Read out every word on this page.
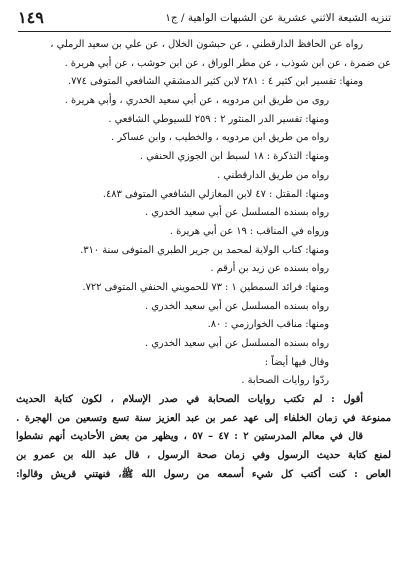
تنزيه الشيعة الاثني عشرية عن الشبهات الواهية / ج١
١٤٩
رواه عن الحافظ الدارقطني ، عن حبشون الخلال ، عن علي بن سعيد الرملي ،
عن ضمرة ، عن ابن شوذب ، عن مطر الوراق ، عن ابن حوشب ، عن أبي هريرة .
ومنها: تفسير ابن كثير ٤ : ٢٨١ لابن كثير الدمشقي الشافعي المتوفى ٧٧٤.
روى من طريق ابن مردويه ، عن أبي سعيد الخدري ، وأبي هريرة .
ومنها: تفسير الدر المنثور ٢ : ٢٥٩ للسيوطي الشافعي .
رواه من طريق ابن مردويه ، والخطيب ، وابن عساكر .
ومنها: التذكرة : ١٨ لسبط ابن الجوزي الحنفي .
رواه من طريق الدارقطني .
ومنها: المقتل : ٤٧ لابن المغازلي الشافعي المتوفى ٤٨٣.
رواه بسنده المسلسل عن أبي سعيد الخدري .
ورواه في المناقب : ١٩ عن أبي هريرة .
ومنها: كتاب الولاية لمحمد بن جرير الطبري المتوفى سنة ٣١٠.
رواه بسنده عن زيد بن أرقم .
ومنها: فرائد السمطين ١ : ٧٣ للحمويني الحنفي المتوفى ٧٢٢.
رواه بسنده المسلسل عن أبي سعيد الخدري .
ومنها: مناقب الخوارزمي : ٨٠.
رواه بسنده المسلسل عن أبي سعيد الخدري .
وقال فيها أيضاً :
ردّوا روايات الصحابة .
أقول : لم تكتب روايات الصحابة في صدر الإسلام ، لكون كتابة الحديث
ممنوعة في زمان الخلفاء إلى عهد عمر بن عبد العزيز سنة تسع وتسعين من الهجرة .
قال في معالم المدرستين ٢ : ٤٧ – ٥٧ ، ويظهر من بعض الأحاديث أنهم نشطوا
لمنع كتابة حديث الرسول وفي زمان صحة الرسول ، قال عبد الله بن عمرو بن
العاص : كنت أكتب كل شيء أسمعه من رسول الله ﷺ، فنهتني قريش وقالوا:
